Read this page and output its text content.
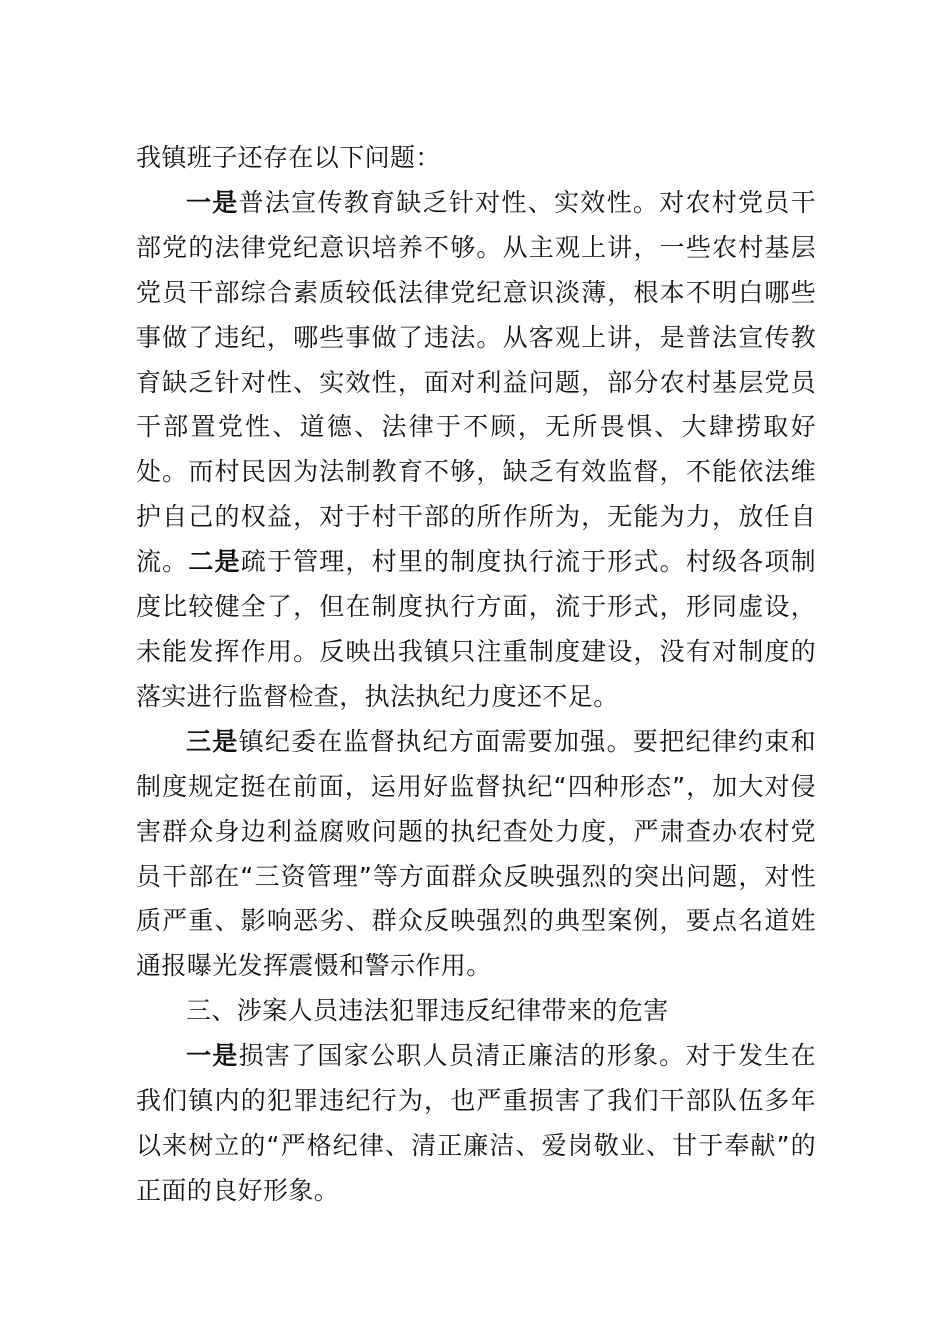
我镇班子还存在以下问题：

一是普法宣传教育缺乏针对性、实效性。对农村党员干部党的法律党纪意识培养不够。从主观上讲，一些农村基层党员干部综合素质较低法律党纪意识淡薄，根本不明白哪些事做了违纪，哪些事做了违法。从客观上讲，是普法宣传教育缺乏针对性、实效性，面对利益问题，部分农村基层党员干部置党性、道德、法律于不顾，无所畏惧、大肆捞取好处。而村民因为法制教育不够，缺乏有效监督，不能依法维护自己的权益，对于村干部的所作所为，无能为力，放任自流。二是疏于管理，村里的制度执行流于形式。村级各项制度比较健全了，但在制度执行方面，流于形式，形同虚设，未能发挥作用。反映出我镇只注重制度建设，没有对制度的落实进行监督检查，执法执纪力度还不足。

三是镇纪委在监督执纪方面需要加强。要把纪律约束和制度规定挺在前面，运用好监督执纪“四种形态”，加大对侵害群众身边利益腐败问题的执纪查处力度，严肃查办农村党员干部在“三资管理”等方面群众反映强烈的突出问题，对性质严重、影响恶劣、群众反映强烈的典型案例，要点名道姓通报曝光发挥震慑和警示作用。

三、涉案人员违法犯罪违反纪律带来的危害

一是损害了国家公职人员清正廉洁的形象。对于发生在我们镇内的犯罪违纪行为，也严重损害了我们干部队伍多年以来树立的“严格纪律、清正廉洁、爱岗敬业、甘于奉献”的正面的良好形象。
